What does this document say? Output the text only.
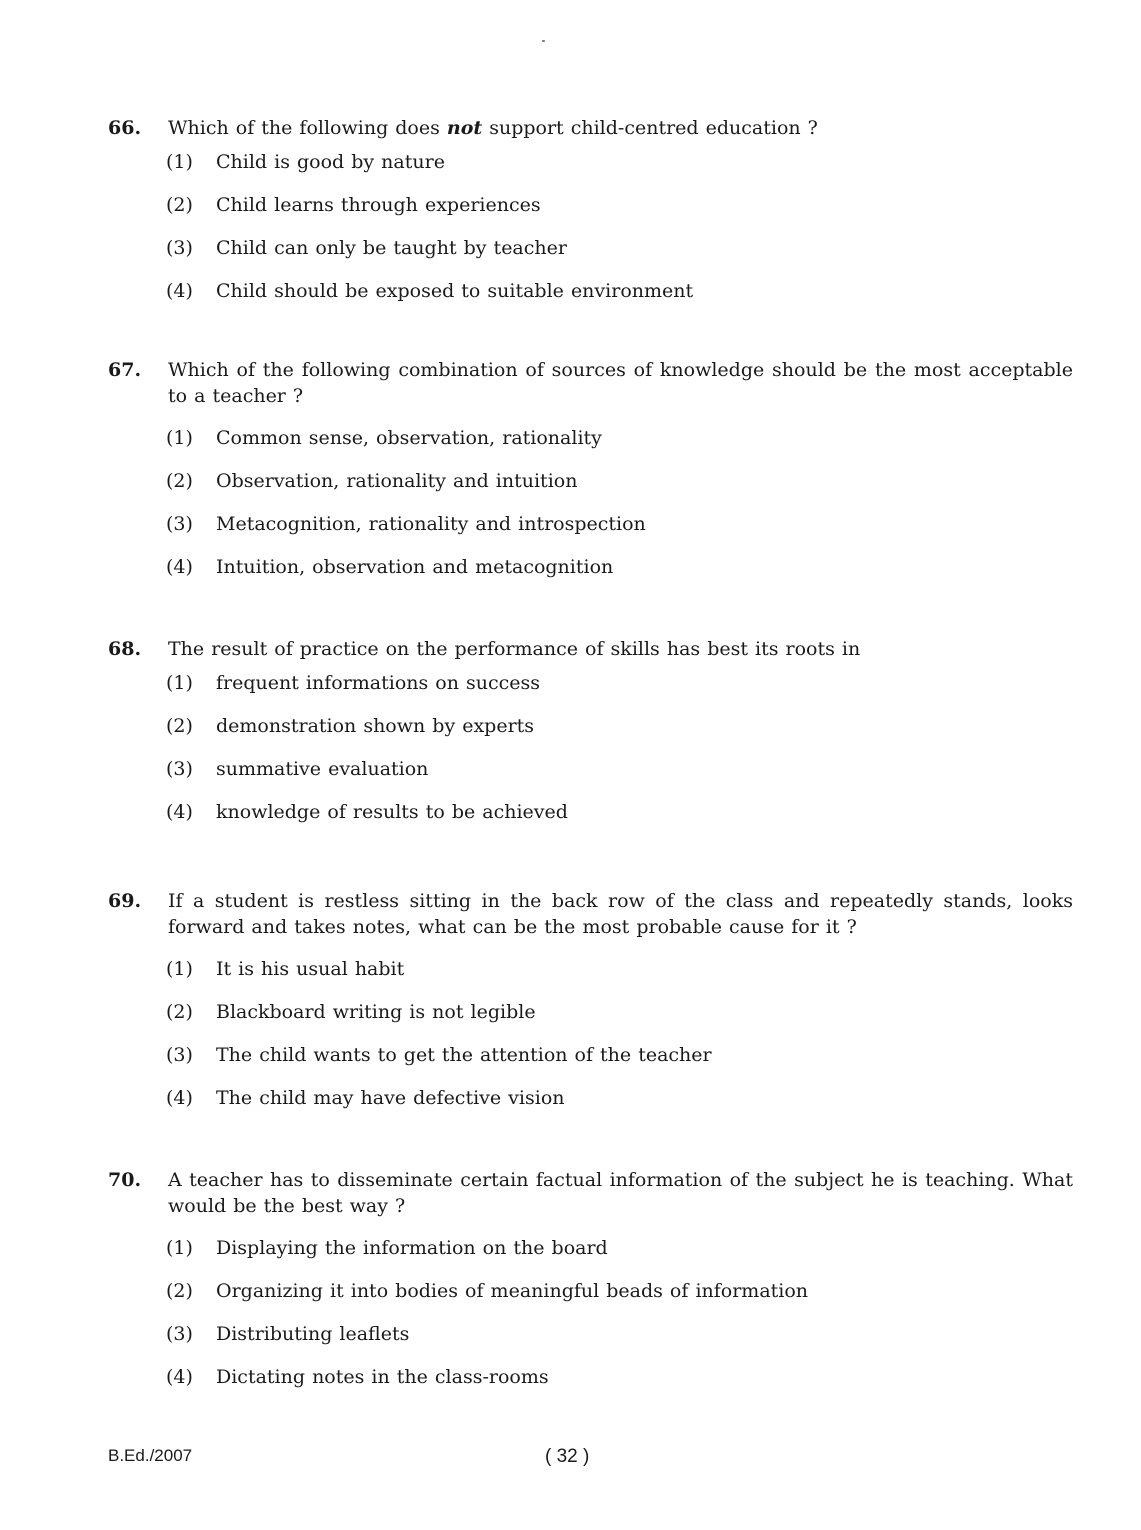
66. Which of the following does not support child-centred education ?
(1)	Child is good by nature
(2)	Child learns through experiences
(3)	Child can only be taught by teacher
(4)	Child should be exposed to suitable environment
67. Which of the following combination of sources of knowledge should be the most acceptable to a teacher ?
(1)	Common sense, observation, rationality
(2)	Observation, rationality and intuition
(3)	Metacognition, rationality and introspection
(4)	Intuition, observation and metacognition
68. The result of practice on the performance of skills has best its roots in
(1)	frequent informations on success
(2)	demonstration shown by experts
(3)	summative evaluation
(4)	knowledge of results to be achieved
69. If a student is restless sitting in the back row of the class and repeatedly stands, looks forward and takes notes, what can be the most probable cause for it ?
(1)	It is his usual habit
(2)	Blackboard writing is not legible
(3)	The child wants to get the attention of the teacher
(4)	The child may have defective vision
70. A teacher has to disseminate certain factual information of the subject he is teaching. What would be the best way ?
(1)	Displaying the information on the board
(2)	Organizing it into bodies of meaningful beads of information
(3)	Distributing leaflets
(4)	Dictating notes in the class-rooms
B.Ed./2007	( 32 )
